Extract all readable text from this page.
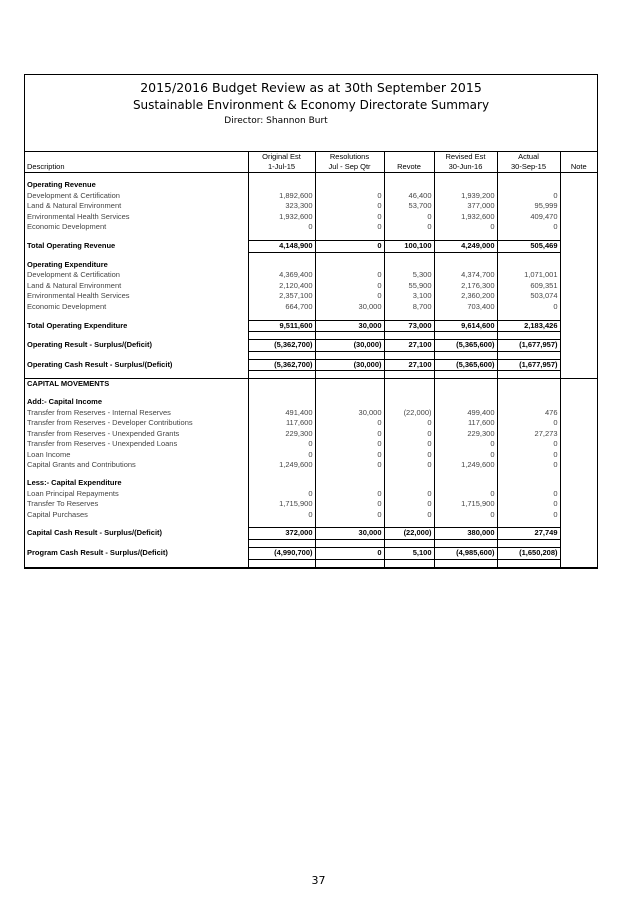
2015/2016 Budget Review as at 30th September 2015
Sustainable Environment & Economy Directorate Summary
Director: Shannon Burt
	Original Est	Resolutions		Revised Est	Actual	
Description	1-Jul-15	Jul - Sep Qtr	Revote	30-Jun-16	30-Sep-15	Note

Operating Revenue						
Development & Certification	1,892,600	0	46,400	1,939,200	0	
Land & Natural Environment	323,300	0	53,700	377,000	95,999	
Environmental Health Services	1,932,600	0	0	1,932,600	409,470	
Economic Development	0	0	0	0	0	

Total Operating Revenue	4,148,900	0	100,100	4,249,000	505,469	

Operating Expenditure						
Development & Certification	4,369,400	0	5,300	4,374,700	1,071,001	
Land & Natural Environment	2,120,400	0	55,900	2,176,300	609,351	
Environmental Health Services	2,357,100	0	3,100	2,360,200	503,074	
Economic Development	664,700	30,000	8,700	703,400	0	

Total Operating Expenditure	9,511,600	30,000	73,000	9,614,600	2,183,426	

Operating Result - Surplus/(Deficit)	(5,362,700)	(30,000)	27,100	(5,365,600)	(1,677,957)	

Operating Cash Result - Surplus/(Deficit)	(5,362,700)	(30,000)	27,100	(5,365,600)	(1,677,957)	

CAPITAL MOVEMENTS						

Add:- Capital Income						
Transfer from Reserves - Internal Reserves	491,400	30,000	(22,000)	499,400	476	
Transfer from Reserves - Developer Contributions	117,600	0	0	117,600	0	
Transfer from Reserves - Unexpended Grants	229,300	0	0	229,300	27,273	
Transfer from Reserves - Unexpended Loans	0	0	0	0	0	
Loan Income	0	0	0	0	0	
Capital Grants and Contributions	1,249,600	0	0	1,249,600	0	

Less:- Capital Expenditure						
Loan Principal Repayments	0	0	0	0	0	
Transfer To Reserves	1,715,900	0	0	1,715,900	0	
Capital Purchases	0	0	0	0	0	

Capital Cash Result - Surplus/(Deficit)	372,000	30,000	(22,000)	380,000	27,749	

Program Cash Result - Surplus/(Deficit)	(4,990,700)	0	5,100	(4,985,600)	(1,650,208)	

37
